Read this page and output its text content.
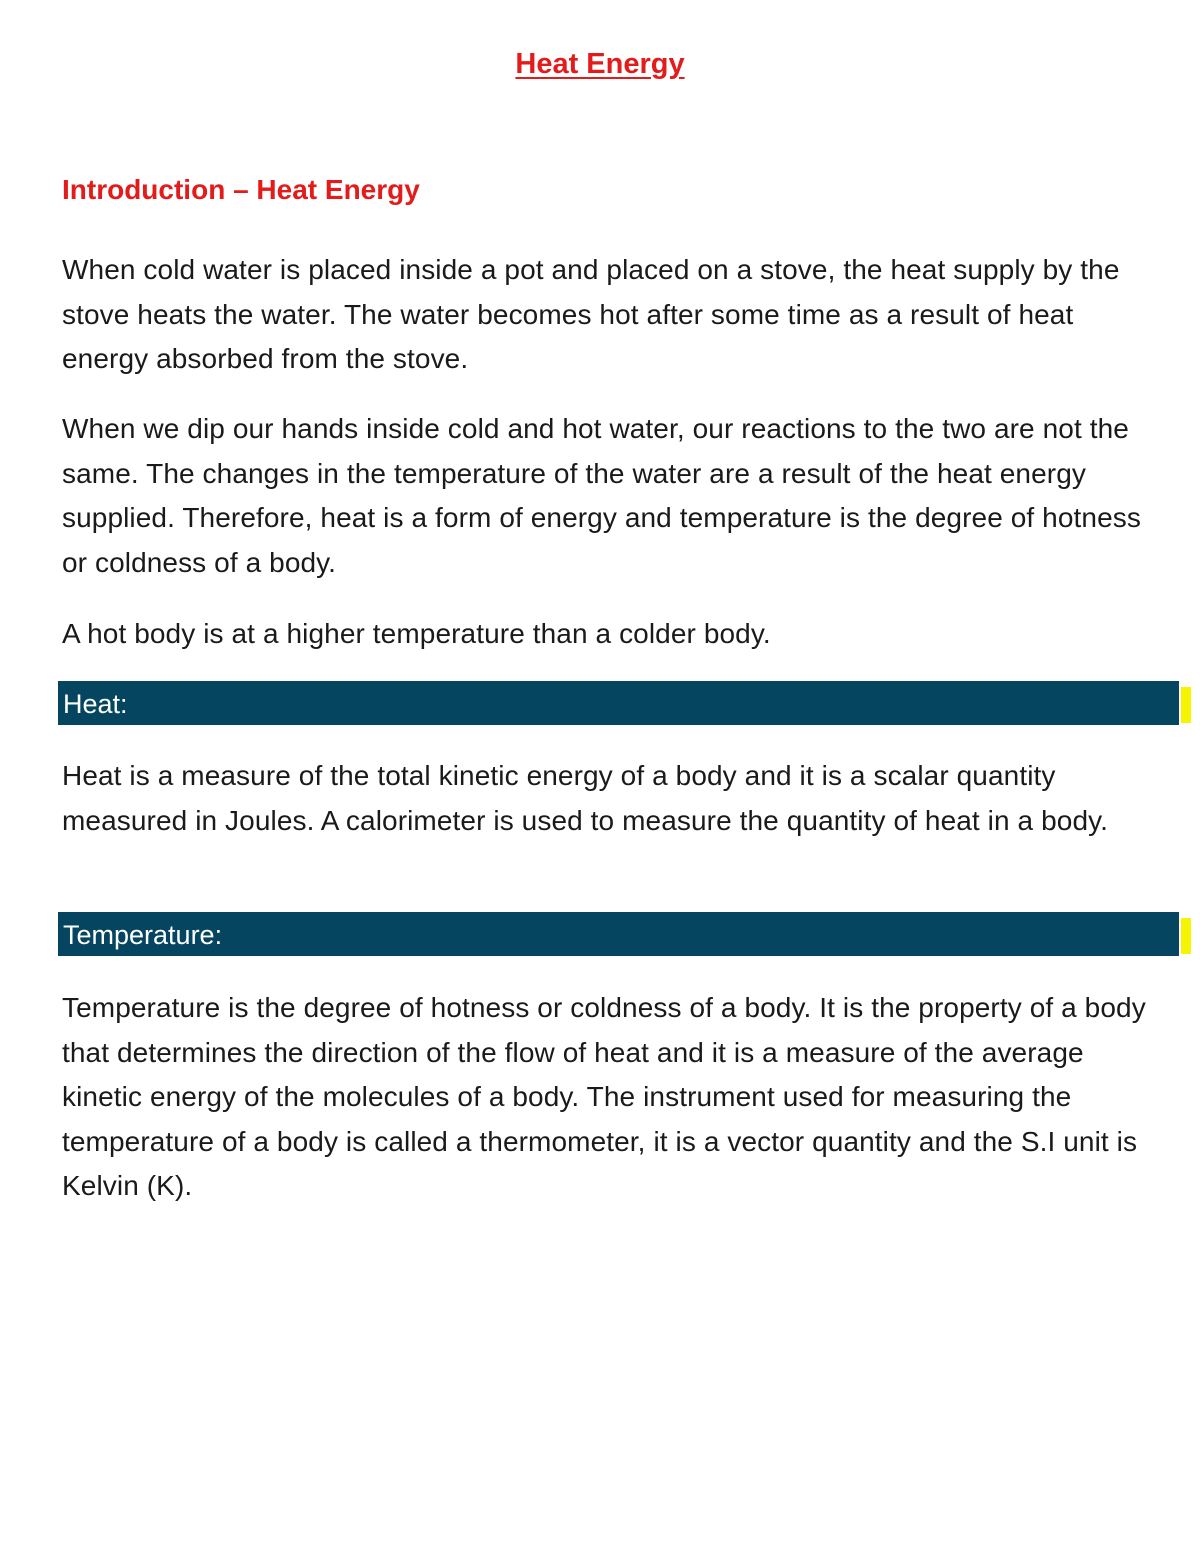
Heat Energy
Introduction – Heat Energy

When cold water is placed inside a pot and placed on a stove, the heat supply by the stove heats the water. The water becomes hot after some time as a result of heat energy absorbed from the stove.

When we dip our hands inside cold and hot water, our reactions to the two are not the same. The changes in the temperature of the water are a result of the heat energy supplied. Therefore, heat is a form of energy and temperature is the degree of hotness or coldness of a body.

A hot body is at a higher temperature than a colder body.

Heat:

Heat is a measure of the total kinetic energy of a body and it is a scalar quantity measured in Joules. A calorimeter is used to measure the quantity of heat in a body.

Temperature:

Temperature is the degree of hotness or coldness of a body. It is the property of a body that determines the direction of the flow of heat and it is a measure of the average kinetic energy of the molecules of a body. The instrument used for measuring the temperature of a body is called a thermometer, it is a vector quantity and the S.I unit is Kelvin (K).
